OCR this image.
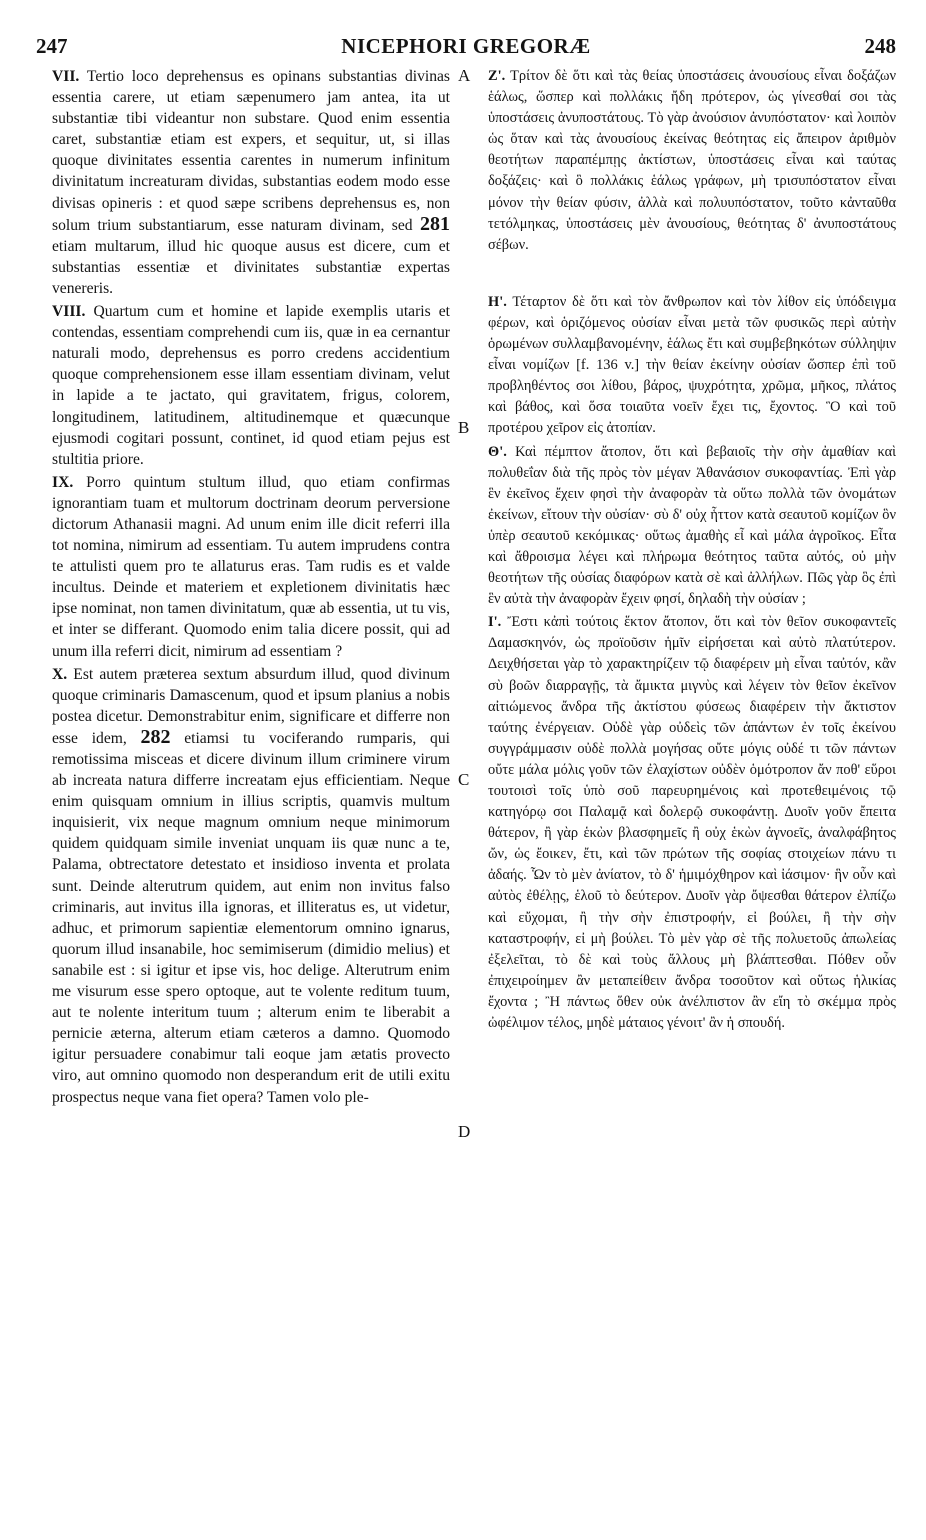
247	NICEPHORI GREGORÆ	248

VII. Tertio loco deprehensus es opinans substantias divinas essentia carere, ut etiam sæpenumero jam antea, ita ut substantiæ tibi videantur non substare. Quod enim essentia caret, substantiæ etiam est expers, et sequitur, ut, si illas quoque divinitates essentia carentes in numerum infinitum divinitatum increaturam dividas, substantias eodem modo esse divisas opineris : et quod sæpe scribens deprehensus es, non solum trium substantiarum, esse naturam divinam, sed 281 etiam multarum, illud hic quoque ausus est dicere, cum et substantias essentiæ et divinitates substantiæ expertas venereris.

VIII. Quartum cum et homine et lapide exemplis utaris et contendas, essentiam comprehendi cum iis, quæ in ea cernantur naturali modo, deprehensus es porro credens accidentium quoque comprehensionem esse illam essentiam divinam, velut in lapide a te jactato, qui gravitatem, frigus, colorem, longitudinem, latitudinem, altitudinemque et quæcunque ejusmodi cogitari possunt, continet, id quod etiam pejus est stultitia priore.

IX. Porro quintum stultum illud, quo etiam confirmas ignorantiam tuam et multorum doctrinam deorum perversione dictorum Athanasii magni. Ad unum enim ille dicit referri illa tot nomina, nimirum ad essentiam. Tu autem imprudens contra te attulisti quem pro te allaturus eras. Tam rudis es et valde incultus. Deinde et materiem et expletionem divinitatis hæc ipse nominat, non tamen divinitatum, quæ ab essentia, ut tu vis, et inter se differant. Quomodo enim talia dicere possit, qui ad unum illa referri dicit, nimirum ad essentiam ?

X. Est autem præterea sextum absurdum illud, quod divinum quoque criminaris Damascenum, quod et ipsum planius a nobis postea dicetur. Demonstrabitur enim, significare et differre non esse idem, 282 etiamsi tu vociferando rumparis, qui remotissima misceas et dicere divinum illum criminere virum ab increata natura differre increatam ejus efficientiam. Neque enim quisquam omnium in illius scriptis, quamvis multum inquisierit, vix neque magnum omnium neque minimorum quidem quidquam simile inveniat unquam iis quæ nunc a te, Palama, obtrectatore detestato et insidioso inventa et prolata sunt. Deinde alterutrum quidem, aut enim non invitus falso criminaris, aut invitus illa ignoras, et illiteratus es, ut videtur, adhuc, et primorum sapientiæ elementorum omnino ignarus, quorum illud insanabile, hoc semimiserum (dimidio melius) et sanabile est : si igitur et ipse vis, hoc delige. Alterutrum enim me visurum esse spero optoque, aut te volente reditum tuum, aut te nolente interitum tuum ; alterum enim te liberabit a pernicie æterna, alterum etiam cæteros a damno. Quomodo igitur persuadere conabimur tali eoque jam ætatis provecto viro, aut omnino quomodo non desperandum erit de utili exitu prospectus neque vana fiet opera? Tamen volo ple-

A
B
C
D

Ζ'. Τρίτον δὲ ὅτι καὶ τὰς θείας ὑποστάσεις ἀνουσίους εἶναι δοξάζων ἑάλως, ὥσπερ καὶ πολλάκις ἤδη πρότερον, ὡς γίνεσθαί σοι τὰς ὑποστάσεις ἀνυποστάτους. Τὸ γὰρ ἀνούσιον ἀνυπόστατον· καὶ λοιπὸν ὡς ὅταν καὶ τὰς ἀνουσίους ἐκείνας θεότητας εἰς ἄπειρον ἀριθμὸν θεοτήτων παραπέμπῃς ἀκτίστων, ὑποστάσεις εἶναι καὶ ταύτας δοξάζεις· καὶ ὃ πολλάκις ἑάλως γράφων, μὴ τρισυπόστατον εἶναι μόνον τὴν θείαν φύσιν, ἀλλὰ καὶ πολυυπόστατον, τοῦτο κἀνταῦθα τετόλμηκας, ὑποστάσεις μὲν ἀνουσίους, θεότητας δ' ἀνυποστάτους σέβων.

Η'. Τέταρτον δὲ ὅτι καὶ τὸν ἄνθρωπον καὶ τὸν λίθον εἰς ὑπόδειγμα φέρων, καὶ ὁριζόμενος οὐσίαν εἶναι μετὰ τῶν φυσικῶς περὶ αὐτὴν ὁρωμένων συλλαμβανομένην, ἑάλως ἔτι καὶ συμβεβηκότων σύλληψιν εἶναι νομίζων [f. 136 v.] τὴν θείαν ἐκείνην οὐσίαν ὥσπερ ἐπὶ τοῦ προβληθέντος σοι λίθου, βάρος, ψυχρότητα, χρῶμα, μῆκος, πλάτος καὶ βάθος, καὶ ὅσα τοιαῦτα νοεῖν ἔχει τις, ἔχοντος. Ὃ καὶ τοῦ προτέρου χεῖρον εἰς ἀτοπίαν.

Θ'. Καὶ πέμπτον ἄτοπον, ὅτι καὶ βεβαιοῖς τὴν σὴν ἀμαθίαν καὶ πολυθεΐαν διὰ τῆς πρὸς τὸν μέγαν Ἀθανάσιον συκοφαντίας. Ἐπὶ γὰρ ἓν ἐκεῖνος ἔχειν φησὶ τὴν ἀναφορὰν τὰ οὕτω πολλὰ τῶν ὀνομάτων ἐκείνων, εἴτουν τὴν οὐσίαν· σὺ δ' οὐχ ἧττον κατὰ σεαυτοῦ κομίζων ὃν ὑπὲρ σεαυτοῦ κεκόμικας· οὕτως ἀμαθὴς εἶ καὶ μάλα ἀγροῖκος. Εἶτα καὶ ἄθροισμα λέγει καὶ πλήρωμα θεότητος ταῦτα αὐτός, οὐ μὴν θεοτήτων τῆς οὐσίας διαφόρων κατὰ σὲ καὶ ἀλλήλων. Πῶς γὰρ ὃς ἐπὶ ἓν αὐτὰ τὴν ἀναφορὰν ἔχειν φησί, δηλαδὴ τὴν οὐσίαν ;

Ι'. Ἔστι κἀπὶ τούτοις ἕκτον ἄτοπον, ὅτι καὶ τὸν θεῖον συκοφαντεῖς Δαμασκηνόν, ὡς προϊοῦσιν ἡμῖν εἰρήσεται καὶ αὐτὸ πλατύτερον. Δειχθήσεται γὰρ τὸ χαρακτηρίζειν τῷ διαφέρειν μὴ εἶναι ταὐτόν, κἂν σὺ βοῶν διαρραγῇς, τὰ ἄμικτα μιγνὺς καὶ λέγειν τὸν θεῖον ἐκεῖνον αἰτιώμενος ἄνδρα τῆς ἀκτίστου φύσεως διαφέρειν τὴν ἄκτιστον ταύτης ἐνέργειαν. Οὐδὲ γὰρ οὐδεὶς τῶν ἁπάντων ἐν τοῖς ἐκείνου συγγράμμασιν οὐδὲ πολλὰ μογήσας οὔτε μόγις οὐδέ τι τῶν πάντων οὔτε μάλα μόλις γοῦν τῶν ἐλαχίστων οὐδὲν ὁμότροπον ἄν ποθ' εὕροι τουτοισὶ τοῖς ὑπὸ σοῦ παρευρημένοις καὶ προτεθειμένοις τῷ κατηγόρῳ σοι Παλαμᾷ καὶ δολερῷ συκοφάντῃ. Δυοῖν γοῦν ἔπειτα θάτερον, ἢ γὰρ ἑκὼν βλασφημεῖς ἢ οὐχ ἑκὼν ἀγνοεῖς, ἀναλφάβητος ὤν, ὡς ἔοικεν, ἔτι, καὶ τῶν πρώτων τῆς σοφίας στοιχείων πάνυ τι ἀδαής. Ὧν τὸ μὲν ἀνίατον, τὸ δ' ἡμιμόχθηρον καὶ ἰάσιμον· ἣν οὖν καὶ αὐτὸς ἐθέλῃς, ἑλοῦ τὸ δεύτερον. Δυοῖν γὰρ ὄψεσθαι θάτερον ἐλπίζω καὶ εὔχομαι, ἢ τὴν σὴν ἐπιστροφήν, εἰ βούλει, ἢ τὴν σὴν καταστροφήν, εἰ μὴ βούλει. Τὸ μὲν γὰρ σὲ τῆς πολυετοῦς ἀπωλείας ἐξελεῖται, τὸ δὲ καὶ τοὺς ἄλλους μὴ βλάπτεσθαι. Πόθεν οὖν ἐπιχειροίημεν ἂν μεταπείθειν ἄνδρα τοσοῦτον καὶ οὕτως ἡλικίας ἔχοντα ; Ἢ πάντως ὅθεν οὐκ ἀνέλπιστον ἂν εἴη τὸ σκέμμα πρὸς ὠφέλιμον τέλος, μηδὲ μάταιος γένοιτ' ἂν ἡ σπουδή.
